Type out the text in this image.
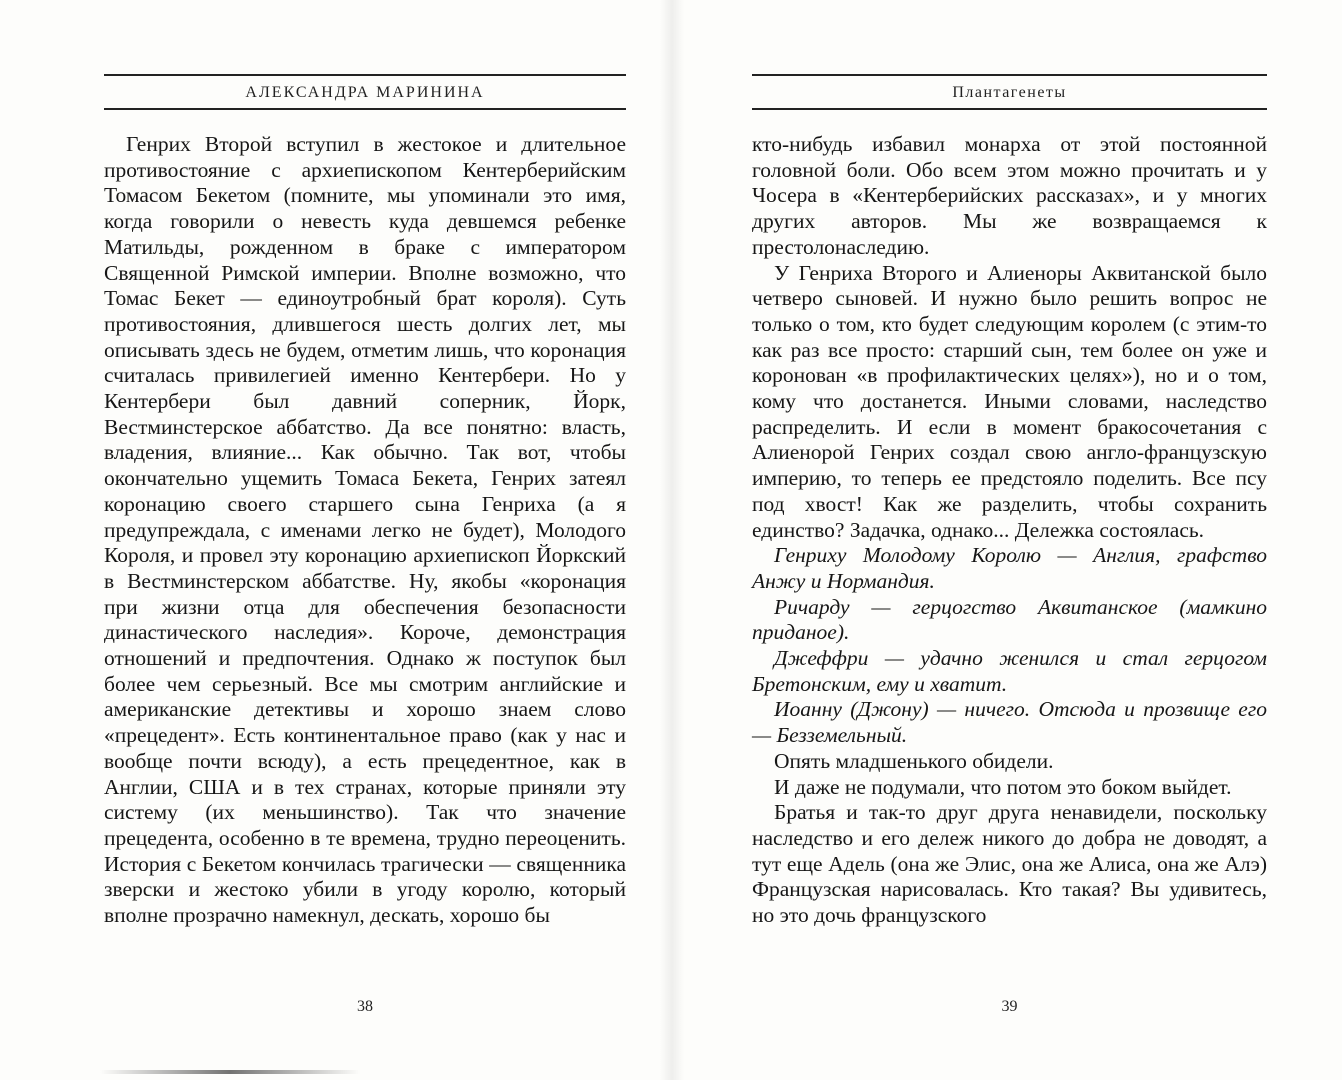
АЛЕКСАНДРА МАРИНИНА

Генрих Второй вступил в жестокое и длительное противостояние с архиепископом Кентерберийским Томасом Бекетом (помните, мы упоминали это имя, когда говорили о невесть куда девшемся ребенке Матильды, рожденном в браке с императором Священной Римской империи. Вполне возможно, что Томас Бекет — единоутробный брат короля). Суть противостояния, длившегося шесть долгих лет, мы описывать здесь не будем, отметим лишь, что коронация считалась привилегией именно Кентербери. Но у Кентербери был давний соперник, Йорк, Вестминстерское аббатство. Да все понятно: власть, владения, влияние... Как обычно. Так вот, чтобы окончательно ущемить Томаса Бекета, Генрих затеял коронацию своего старшего сына Генриха (а я предупреждала, с именами легко не будет), Молодого Короля, и провел эту коронацию архиепископ Йоркский в Вестминстерском аббатстве. Ну, якобы «коронация при жизни отца для обеспечения безопасности династического наследия». Короче, демонстрация отношений и предпочтения. Однако ж поступок был более чем серьезный. Все мы смотрим английские и американские детективы и хорошо знаем слово «прецедент». Есть континентальное право (как у нас и вообще почти всюду), а есть прецедентное, как в Англии, США и в тех странах, которые приняли эту систему (их меньшинство). Так что значение прецедента, особенно в те времена, трудно переоценить. История с Бекетом кончилась трагически — священника зверски и жестоко убили в угоду королю, который вполне прозрачно намекнул, дескать, хорошо бы

38
Плантагенеты

кто-нибудь избавил монарха от этой постоянной головной боли. Обо всем этом можно прочитать и у Чосера в «Кентерберийских рассказах», и у многих других авторов. Мы же возвращаемся к престолонаследию.

У Генриха Второго и Алиеноры Аквитанской было четверо сыновей. И нужно было решить вопрос не только о том, кто будет следующим королем (с этим-то как раз все просто: старший сын, тем более он уже и коронован «в профилактических целях»), но и о том, кому что достанется. Иными словами, наследство распределить. И если в момент бракосочетания с Алиенорой Генрих создал свою англо-французскую империю, то теперь ее предстояло поделить. Все псу под хвост! Как же разделить, чтобы сохранить единство? Задачка, однако... Дележка состоялась.

Генриху Молодому Королю — Англия, графство Анжу и Нормандия.

Ричарду — герцогство Аквитанское (мамкино приданое).

Джеффри — удачно женился и стал герцогом Бретонским, ему и хватит.

Иоанну (Джону) — ничего. Отсюда и прозвище его — Безземельный.

Опять младшенького обидели.

И даже не подумали, что потом это боком выйдет.

Братья и так-то друг друга ненавидели, поскольку наследство и его дележ никого до добра не доводят, а тут еще Адель (она же Элис, она же Алиса, она же Алэ) Французская нарисовалась. Кто такая? Вы удивитесь, но это дочь французского

39
